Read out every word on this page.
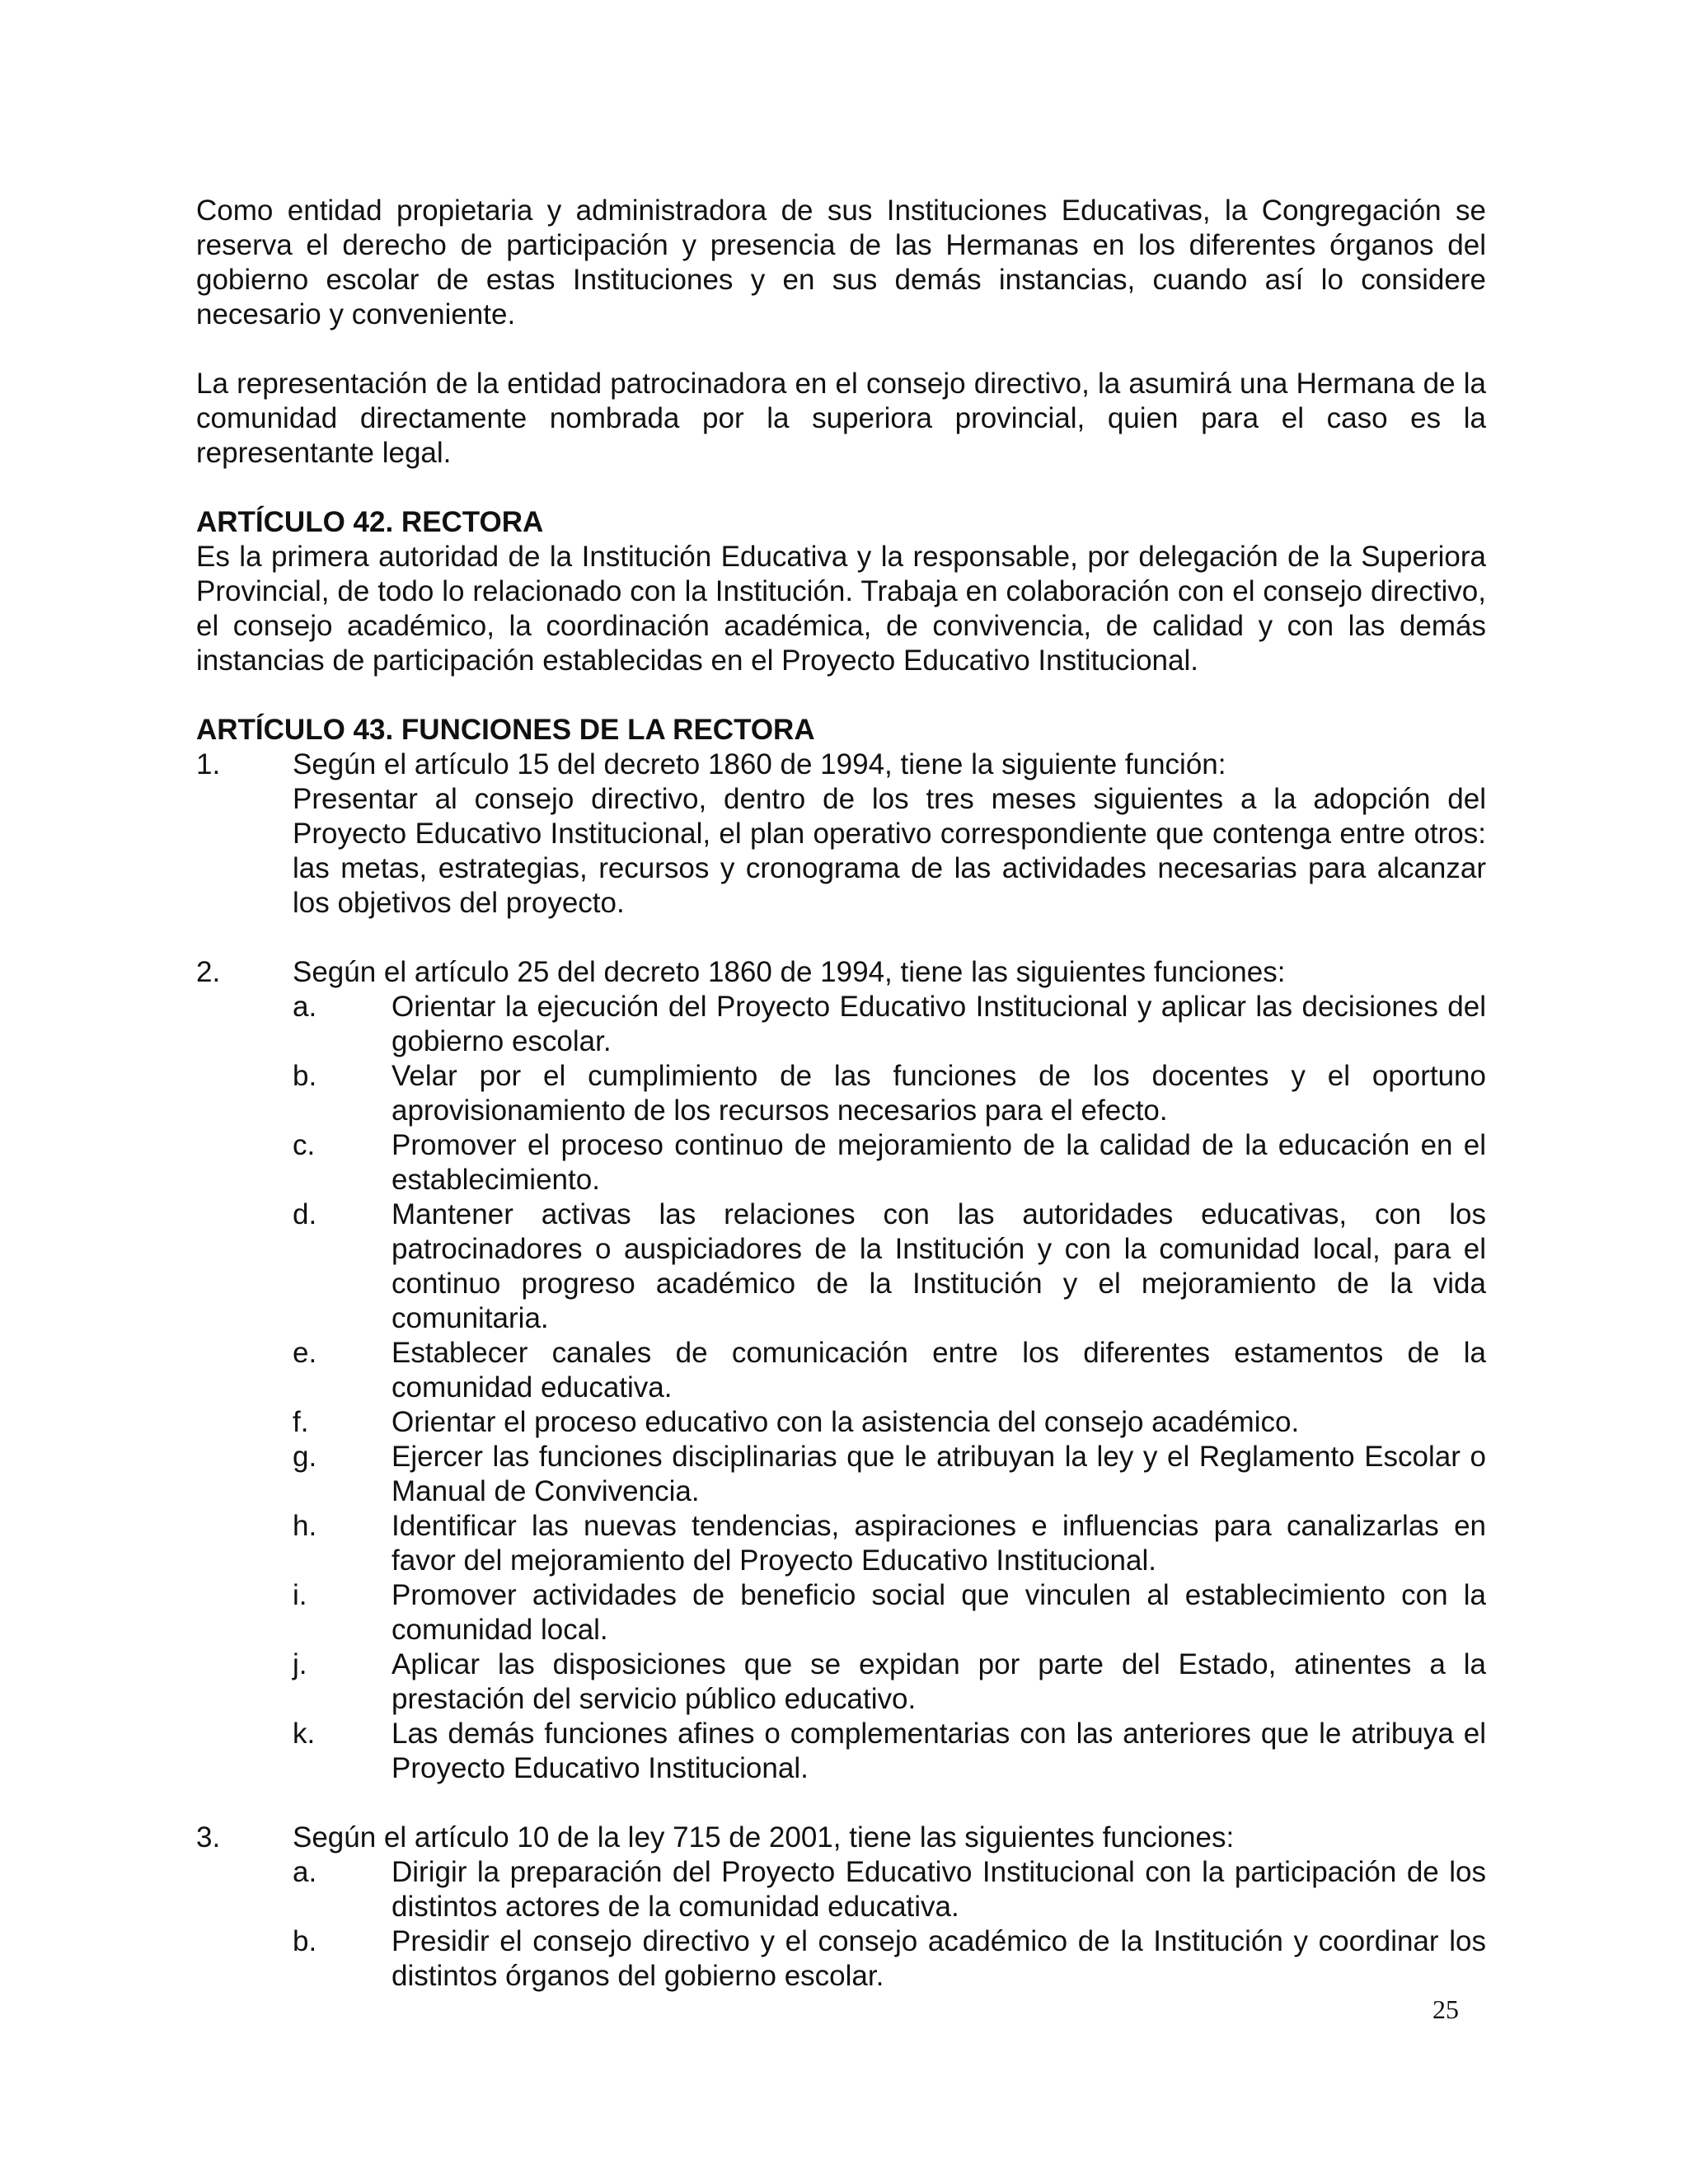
Como entidad propietaria y administradora de sus Instituciones Educativas, la Congregación se reserva el derecho de participación y presencia de las Hermanas en los diferentes órganos del gobierno escolar de estas Instituciones y en sus demás instancias, cuando así lo considere necesario y conveniente.

La representación de la entidad patrocinadora en el consejo directivo, la asumirá una Hermana de la comunidad directamente nombrada por la superiora provincial, quien para el caso es la representante legal.

ARTÍCULO 42. RECTORA

Es la primera autoridad de la Institución Educativa y la responsable, por delegación de la Superiora Provincial, de todo lo relacionado con la Institución. Trabaja en colaboración con el consejo directivo, el consejo académico, la coordinación académica, de convivencia, de calidad y con las demás instancias de participación establecidas en el Proyecto Educativo Institucional.

ARTÍCULO 43. FUNCIONES DE LA RECTORA
1.	Según el artículo 15 del decreto 1860 de 1994, tiene la siguiente función:
Presentar al consejo directivo, dentro de los tres meses siguientes a la adopción del Proyecto Educativo Institucional, el plan operativo correspondiente que contenga entre otros: las metas, estrategias, recursos y cronograma de las actividades necesarias para alcanzar los objetivos del proyecto.
2.	Según el artículo 25 del decreto 1860 de 1994, tiene las siguientes funciones:
a.	Orientar la ejecución del Proyecto Educativo Institucional y aplicar las decisiones del gobierno escolar.
b.	Velar por el cumplimiento de las funciones de los docentes y el oportuno aprovisionamiento de los recursos necesarios para el efecto.
c.	Promover el proceso continuo de mejoramiento de la calidad de la educación en el establecimiento.
d.	Mantener activas las relaciones con las autoridades educativas, con los patrocinadores o auspiciadores de la Institución y con la comunidad local, para el continuo progreso académico de la Institución y el mejoramiento de la vida comunitaria.
e.	Establecer canales de comunicación entre los diferentes estamentos de la comunidad educativa.
f.	Orientar el proceso educativo con la asistencia del consejo académico.
g.	Ejercer las funciones disciplinarias que le atribuyan la ley y el Reglamento Escolar o Manual de Convivencia.
h.	Identificar las nuevas tendencias, aspiraciones e influencias para canalizarlas en favor del mejoramiento del Proyecto Educativo Institucional.
i.	Promover actividades de beneficio social que vinculen al establecimiento con la comunidad local.
j.	Aplicar las disposiciones que se expidan por parte del Estado, atinentes a la prestación del servicio público educativo.
k.	Las demás funciones afines o complementarias con las anteriores que le atribuya el Proyecto Educativo Institucional.
3.	Según el artículo 10 de la ley 715 de 2001, tiene las siguientes funciones:
a.	Dirigir la preparación del Proyecto Educativo Institucional con la participación de los distintos actores de la comunidad educativa.
b.	Presidir el consejo directivo y el consejo académico de la Institución y coordinar los distintos órganos del gobierno escolar.
25
